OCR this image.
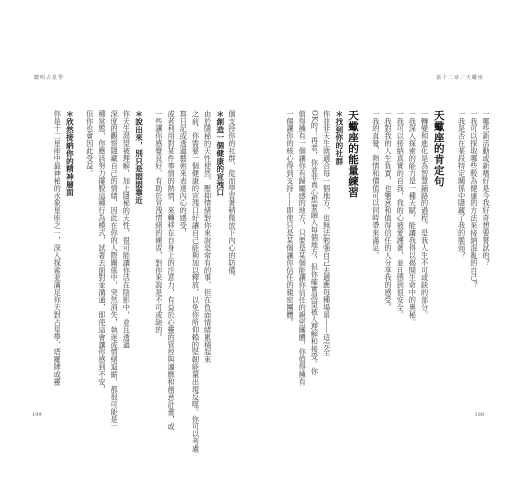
聰明占星學
個支持你的社群，從而學習著稍微放下內心的防備。
＊創造一個健康的宣洩口
由於隱秘的天性使然，壓抑情緒對你來說是常有的事，但在負面情緒累積起來
之前，你需要一個健康的宣洩口好讓自己能夠加以釋放，以免你所仰賴的堅韌能量出現反噬。你可以考慮
寫日記或透過藝術來表達內心的感受，
或者利用對某件事情的熱情，來轉移在自身上的注意力，有益於心靈的管控與適應和創意計畫，或
一些讓你感覺良好、有助於宣洩情緒的練習，對你來說是不可或缺的。
＊說出來，別只是悶悶靠近
你天生渴望被理解，加上隱秘的天性，很可能讓你活在陰影中，並且透過
深度的觀察隱藏自己的情緒，因此在你的人際關係中，突然消失，執迷或情緒退縮，都很可能是一
種常態，你應該努力擺脫這種行為模式，試著去面對並溝通，即使這會讓你感到不安，
但你也會因此受益。
＊欣然接納你的精神層面
你是十二星座中最神秘的水象星座之一，深入探索並滿足你天對占星學，塔羅牌或靈
199
第十二章／天蠍座
一哪些新活動或新嗜好是今我好奇想要嘗試的？
一我可以採取哪些較為健康的方法來接納混亂的自己？
一我是否在某段特定關係中隱藏了我的脆弱？
天蠍座的肯定句
一轉變和進化是為智慧鋪路的過程，是我人生不可或缺的部分。
一我深入探索的能力是一種天賦，能讓我得以揭開生命中的奧秘。
一我可以接納真實的自我，我的心被愛護著，並且感到很安全。
一我對我的人生負責，也樂意和值得信任的人分享我的感受。
一我的直覺、熱情和價值可以同時帶來滿足。
天蠍座的能量練習
＊找到你的社群
你並非天生就適合每一個地方，也無法勉強自己去適應每種場景——這完全
OK的！再者，你並非真心想要融入每個地方，但你確實渴望被人理解和接受。你
值得擁有一個讓你有歸屬感的地方，只要是某個能讓你信任的親密團體，你值得擁有
一個讓你的核心得到支持——即使只是某個讓你信任的親密團體。
198
